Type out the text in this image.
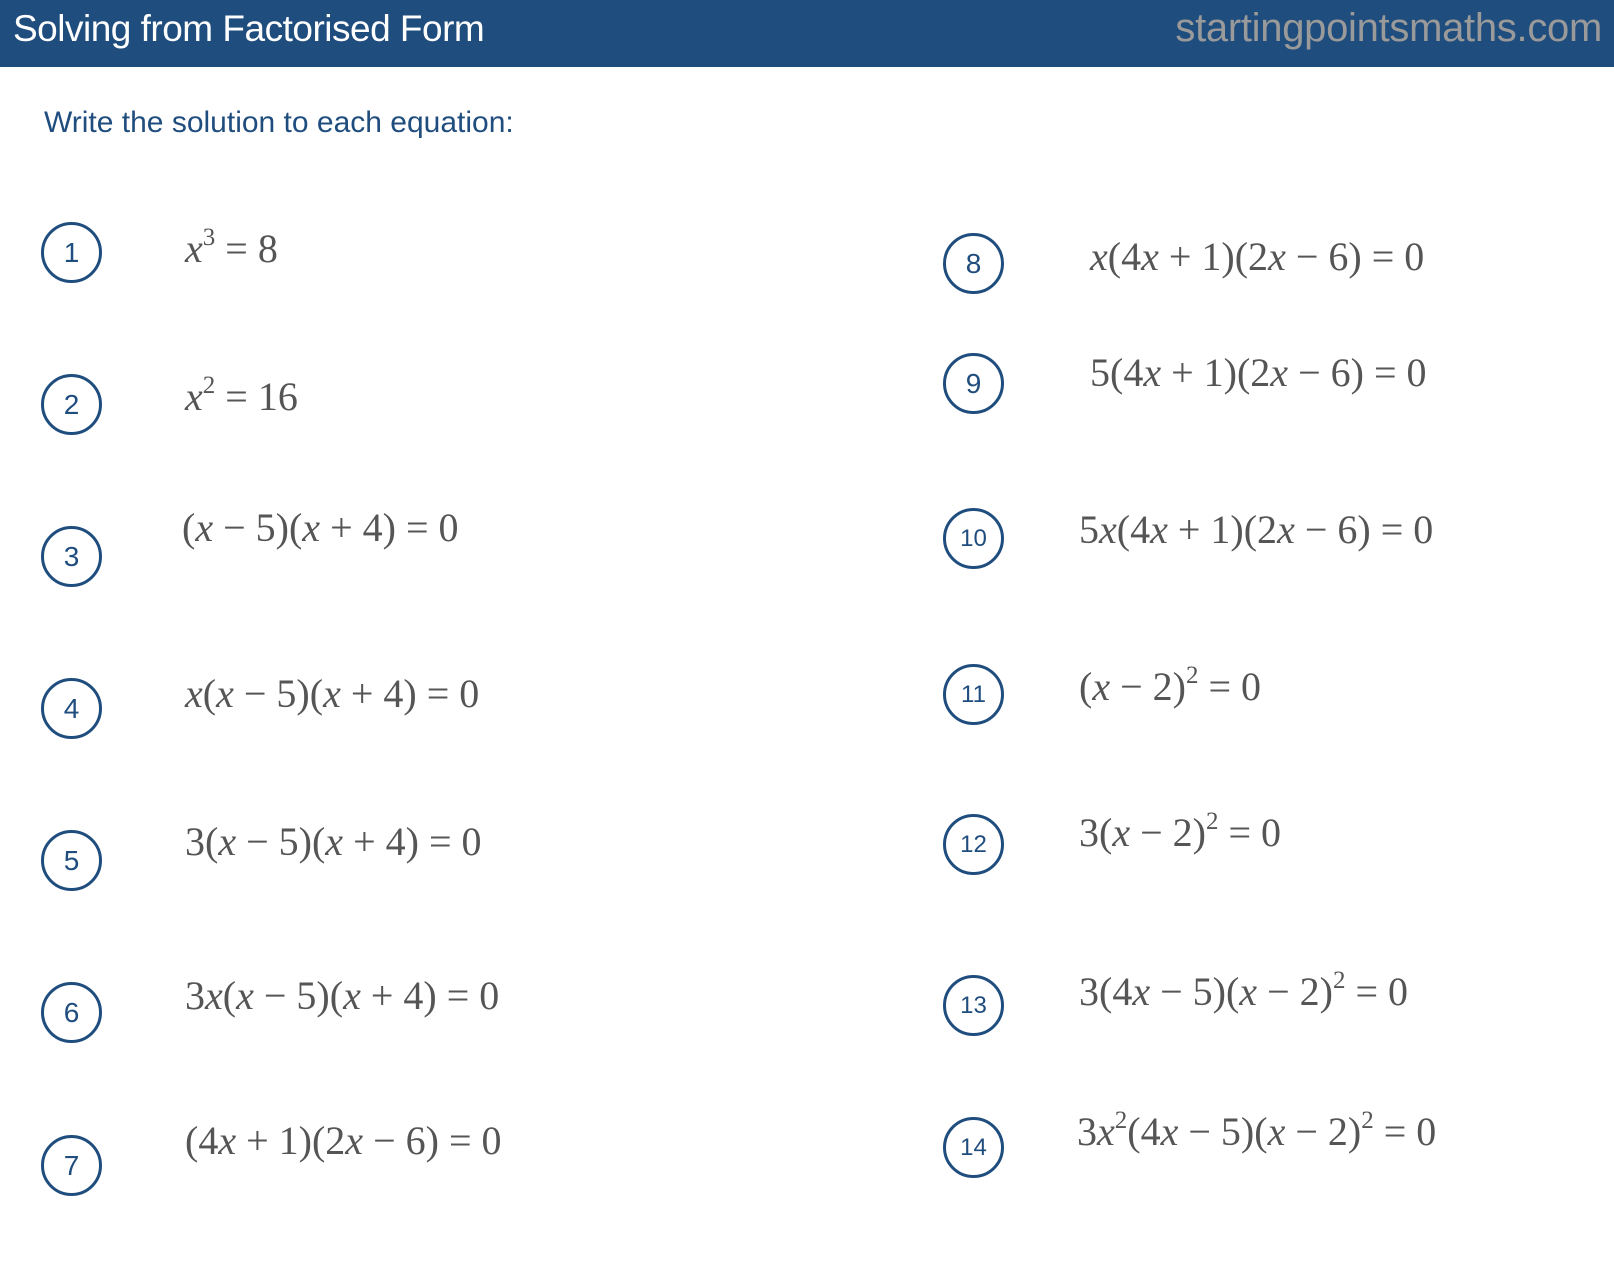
Solving from Factorised Form	startingpointsmaths.com
Write the solution to each equation:
1	$x^3 = 8$
2	$x^2 = 16$
3
(x − 5)(x + 4) = 0
4	x(x − 5)(x + 4) = 0
5	3(x − 5)(x + 4) = 0
6	3x(x − 5)(x + 4) = 0
7
(4x + 1)(2x − 6) = 0
8	x(4x + 1)(2x − 6) = 0
9	5(4x + 1)(2x − 6) = 0
10	5x(4x + 1)(2x − 6) = 0
11	$(x - 2)^2 = 0$
12	$3(x - 2)^2 = 0$
13	$3(4x - 5)(x - 2)^2 = 0$
14	$3x^2(4x - 5)(x - 2)^2 = 0$
